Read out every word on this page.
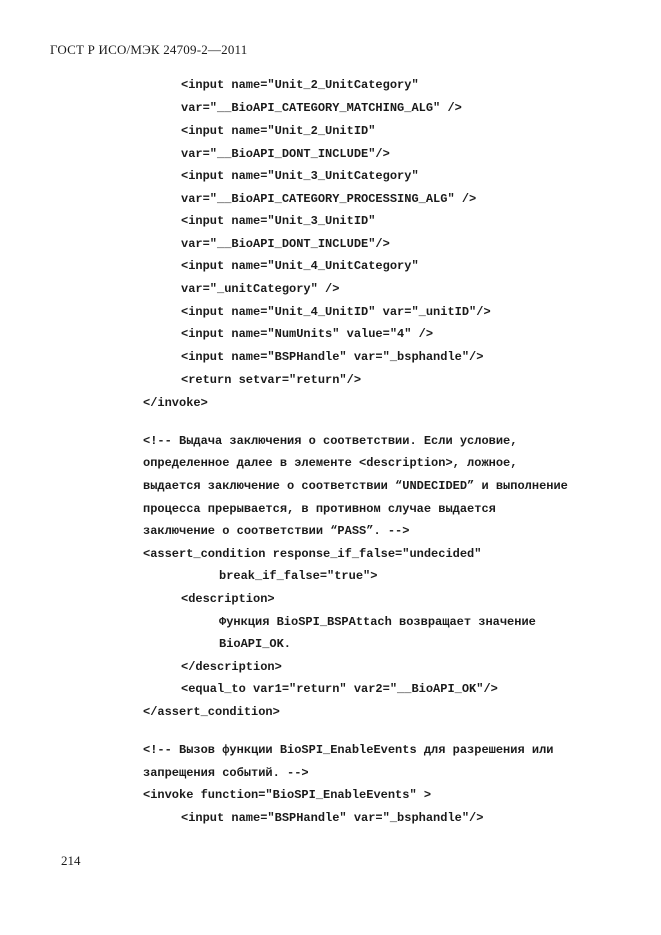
ГОСТ Р ИСО/МЭК 24709-2—2011
<input name="Unit_2_UnitCategory"
var="__BioAPI_CATEGORY_MATCHING_ALG" />
<input name="Unit_2_UnitID"
var="__BioAPI_DONT_INCLUDE"/>
<input name="Unit_3_UnitCategory"
var="__BioAPI_CATEGORY_PROCESSING_ALG" />
<input name="Unit_3_UnitID"
var="__BioAPI_DONT_INCLUDE"/>
<input name="Unit_4_UnitCategory"
var="_unitCategory" />
<input name="Unit_4_UnitID" var="_unitID"/>
<input name="NumUnits" value="4" />
<input name="BSPHandle" var="_bsphandle"/>
<return setvar="return"/>
</invoke>
<!-- Выдача заключения о соответствии. Если условие,
определенное далее в элементе <description>, ложное,
выдается заключение о соответствии “UNDECIDED” и выполнение
процесса прерывается, в противном случае выдается
заключение о соответствии “PASS”. -->
<assert_condition response_if_false="undecided"
break_if_false="true">
<description>
Функция BioSPI_BSPAttach возвращает значение
BioAPI_OK.
</description>
<equal_to var1="return" var2="__BioAPI_OK"/>
</assert_condition>
<!-- Вызов функции BioSPI_EnableEvents для разрешения или
запрещения событий. -->
<invoke function="BioSPI_EnableEvents" >
<input name="BSPHandle" var="_bsphandle"/>
214
